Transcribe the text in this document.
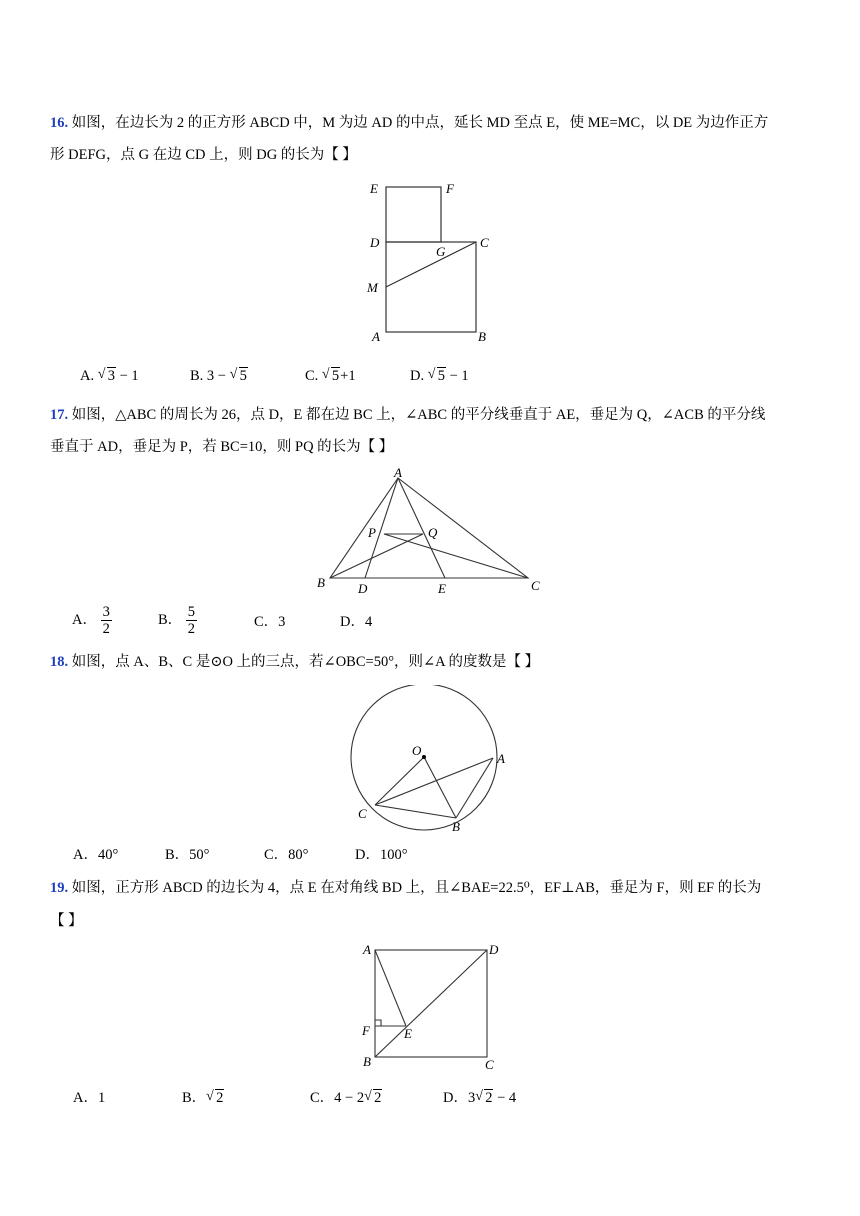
16. 如图，在边长为 2 的正方形 ABCD 中，M 为边 AD 的中点，延长 MD 至点 E，使 ME=MC，以 DE 为边作正方
形 DEFG，点 G 在边 CD 上，则 DG 的长为【 】
E	F
D
G
C
M
A	B
A. √ 3 − 1	B. 3 − √ 5	C. √ 5+1	D. √ 5 − 1
17. 如图，△ABC 的周长为 26，点 D，E 都在边 BC 上，∠ABC 的平分线垂直于 AE，垂足为 Q，∠ACB 的平分线
垂直于 AD，垂足为 P，若 BC=10，则 PQ 的长为【 】
A
P	Q
B	D	E	C
A． $\frac{3}{2}$	B． $\frac{5}{2}$	C．3	D．4
18. 如图，点 A、B、C 是⊙O 上的三点，若∠OBC=50°，则∠A 的度数是【 】
O
A
B
C
A．40°	B．50°	C．80°	D．100°
19. 如图，正方形 ABCD 的边长为 4，点 E 在对角线 BD 上，且∠BAE=22.5⁰，EF⊥AB，垂足为 F，则 EF 的长为
【 】
A	D
F	E
B	C
A．1	B． √ 2	C．4 − 2 √ 2	D．3 √ 2 − 4
